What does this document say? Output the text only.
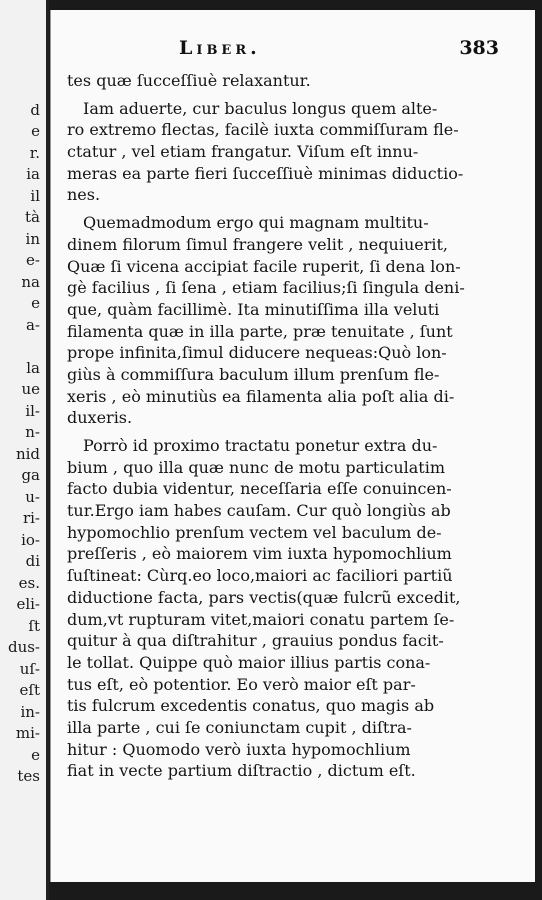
d
e
r.
ia
il
tà
in
e-
na
e
a-
la
ue
il-
n-
nid
ga
u-
ri-
io-
di
es.
eli-
ſt
dus-
uſ-
eſt
in-
mi-
e
tes
Liber.	383
tes quæ ſucceſſiuè relaxantur.
Iam aduerte, cur baculus longus quem alte-
ro extremo flectas, facilè iuxta commiſſuram fle-
ctatur , vel etiam frangatur. Viſum eſt innu-
meras ea parte fieri ſucceſſiuè minimas diductio-
nes.
Quemadmodum ergo qui magnam multitu-
dinem filorum ſimul frangere velit , nequiuerit,
Quæ ſi vicena accipiat facile ruperit, ſi dena lon-
gè facilius , ſi ſena , etiam facilius;ſi ſingula deni-
que, quàm facillimè. Ita minutiſſima illa veluti
filamenta quæ in illa parte, præ tenuitate , ſunt
prope infinita,ſimul diducere nequeas:Quò lon-
giùs à commiſſura baculum illum prenſum fle-
xeris , eò minutiùs ea filamenta alia poſt alia di-
duxeris.
Porrò id proximo tractatu ponetur extra du-
bium , quo illa quæ nunc de motu particulatim
facto dubia videntur, neceſſaria eſſe conuincen-
tur.Ergo iam habes cauſam. Cur quò longiùs ab
hypomochlio prenſum vectem vel baculum de-
preſſeris , eò maiorem vim iuxta hypomochlium
ſuſtineat: Cùrq.eo loco,maiori ac faciliori partiũ
diductione facta, pars vectis(quæ fulcrũ excedit,
dum,vt rupturam vitet,maiori conatu partem ſe-
quitur à qua diſtrahitur , grauius pondus facit-
le tollat. Quippe quò maior illius partis cona-
tus eſt, eò potentior. Eo verò maior eſt par-
tis fulcrum excedentis conatus, quo magis ab
illa parte , cui ſe coniunctam cupit , diſtra-
hitur : Quomodo verò iuxta hypomochlium
fiat in vecte partium diſtractio , dictum eſt.
